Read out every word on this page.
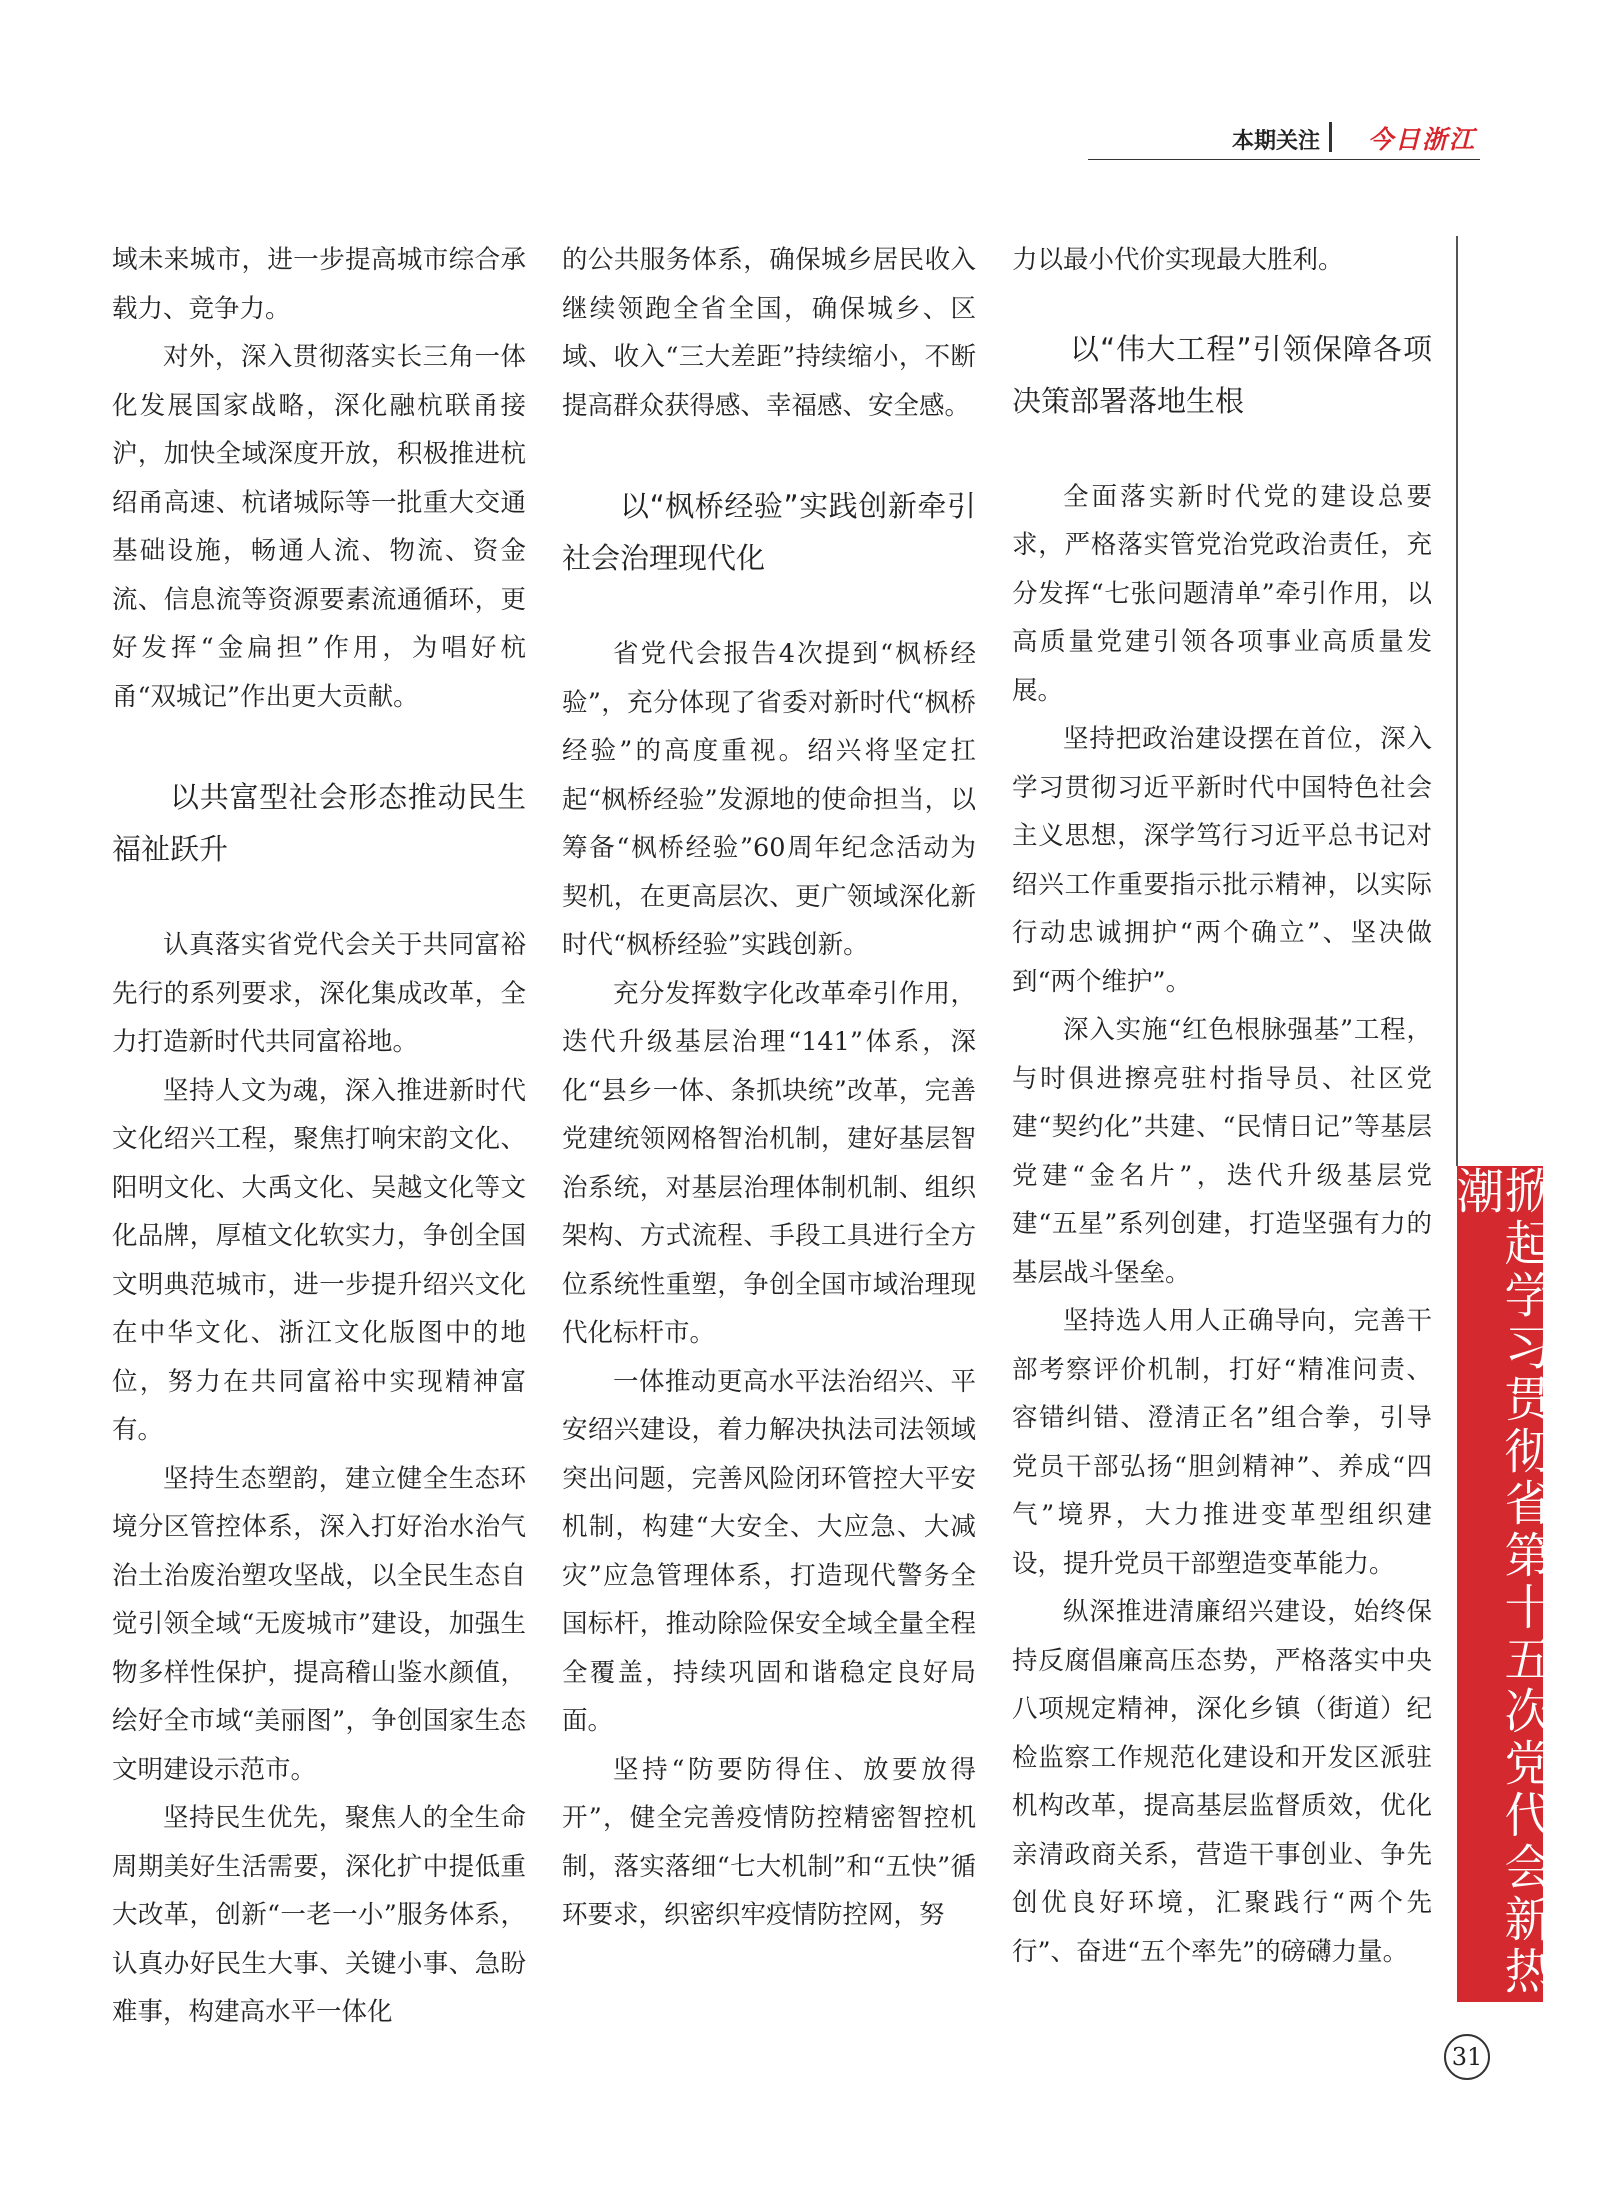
本期关注 今日浙江

域未来城市，进一步提高城市综合承载力、竞争力。

对外，深入贯彻落实长三角一体化发展国家战略，深化融杭联甬接沪，加快全域深度开放，积极推进杭绍甬高速、杭诸城际等一批重大交通基础设施，畅通人流、物流、资金流、信息流等资源要素流通循环，更好发挥“金扁担”作用，为唱好杭甬“双城记”作出更大贡献。

以共富型社会形态推动民生福祉跃升

认真落实省党代会关于共同富裕先行的系列要求，深化集成改革，全力打造新时代共同富裕地。

坚持人文为魂，深入推进新时代文化绍兴工程，聚焦打响宋韵文化、阳明文化、大禹文化、吴越文化等文化品牌，厚植文化软实力，争创全国文明典范城市，进一步提升绍兴文化在中华文化、浙江文化版图中的地位，努力在共同富裕中实现精神富有。

坚持生态塑韵，建立健全生态环境分区管控体系，深入打好治水治气治土治废治塑攻坚战，以全民生态自觉引领全域“无废城市”建设，加强生物多样性保护，提高稽山鉴水颜值，绘好全市域“美丽图”，争创国家生态文明建设示范市。

坚持民生优先，聚焦人的全生命周期美好生活需要，深化扩中提低重大改革，创新“一老一小”服务体系，认真办好民生大事、关键小事、急盼难事，构建高水平一体化

的公共服务体系，确保城乡居民收入继续领跑全省全国，确保城乡、区域、收入“三大差距”持续缩小，不断提高群众获得感、幸福感、安全感。

以“枫桥经验”实践创新牵引社会治理现代化

省党代会报告4次提到“枫桥经验”，充分体现了省委对新时代“枫桥经验”的高度重视。绍兴将坚定扛起“枫桥经验”发源地的使命担当，以筹备“枫桥经验”60周年纪念活动为契机，在更高层次、更广领域深化新时代“枫桥经验”实践创新。

充分发挥数字化改革牵引作用，迭代升级基层治理“141”体系，深化“县乡一体、条抓块统”改革，完善党建统领网格智治机制，建好基层智治系统，对基层治理体制机制、组织架构、方式流程、手段工具进行全方位系统性重塑，争创全国市域治理现代化标杆市。

一体推动更高水平法治绍兴、平安绍兴建设，着力解决执法司法领域突出问题，完善风险闭环管控大平安机制，构建“大安全、大应急、大减灾”应急管理体系，打造现代警务全国标杆，推动除险保安全域全量全程全覆盖，持续巩固和谐稳定良好局面。

坚持“防要防得住、放要放得开”，健全完善疫情防控精密智控机制，落实落细“七大机制”和“五快”循环要求，织密织牢疫情防控网，努

力以最小代价实现最大胜利。

以“伟大工程”引领保障各项决策部署落地生根

全面落实新时代党的建设总要求，严格落实管党治党政治责任，充分发挥“七张问题清单”牵引作用，以高质量党建引领各项事业高质量发展。

坚持把政治建设摆在首位，深入学习贯彻习近平新时代中国特色社会主义思想，深学笃行习近平总书记对绍兴工作重要指示批示精神，以实际行动忠诚拥护“两个确立”、坚决做到“两个维护”。

深入实施“红色根脉强基”工程，与时俱进擦亮驻村指导员、社区党建“契约化”共建、“民情日记”等基层党建“金名片”，迭代升级基层党建“五星”系列创建，打造坚强有力的基层战斗堡垒。

坚持选人用人正确导向，完善干部考察评价机制，打好“精准问责、容错纠错、澄清正名”组合拳，引导党员干部弘扬“胆剑精神”、养成“四气”境界，大力推进变革型组织建设，提升党员干部塑造变革能力。

纵深推进清廉绍兴建设，始终保持反腐倡廉高压态势，严格落实中央八项规定精神，深化乡镇（街道）纪检监察工作规范化建设和开发区派驻机构改革，提高基层监督质效，优化亲清政商关系，营造干事创业、争先创优良好环境，汇聚践行“两个先行”、奋进“五个率先”的磅礴力量。	掀起学习贯彻省第十五次党代会新热潮
31
